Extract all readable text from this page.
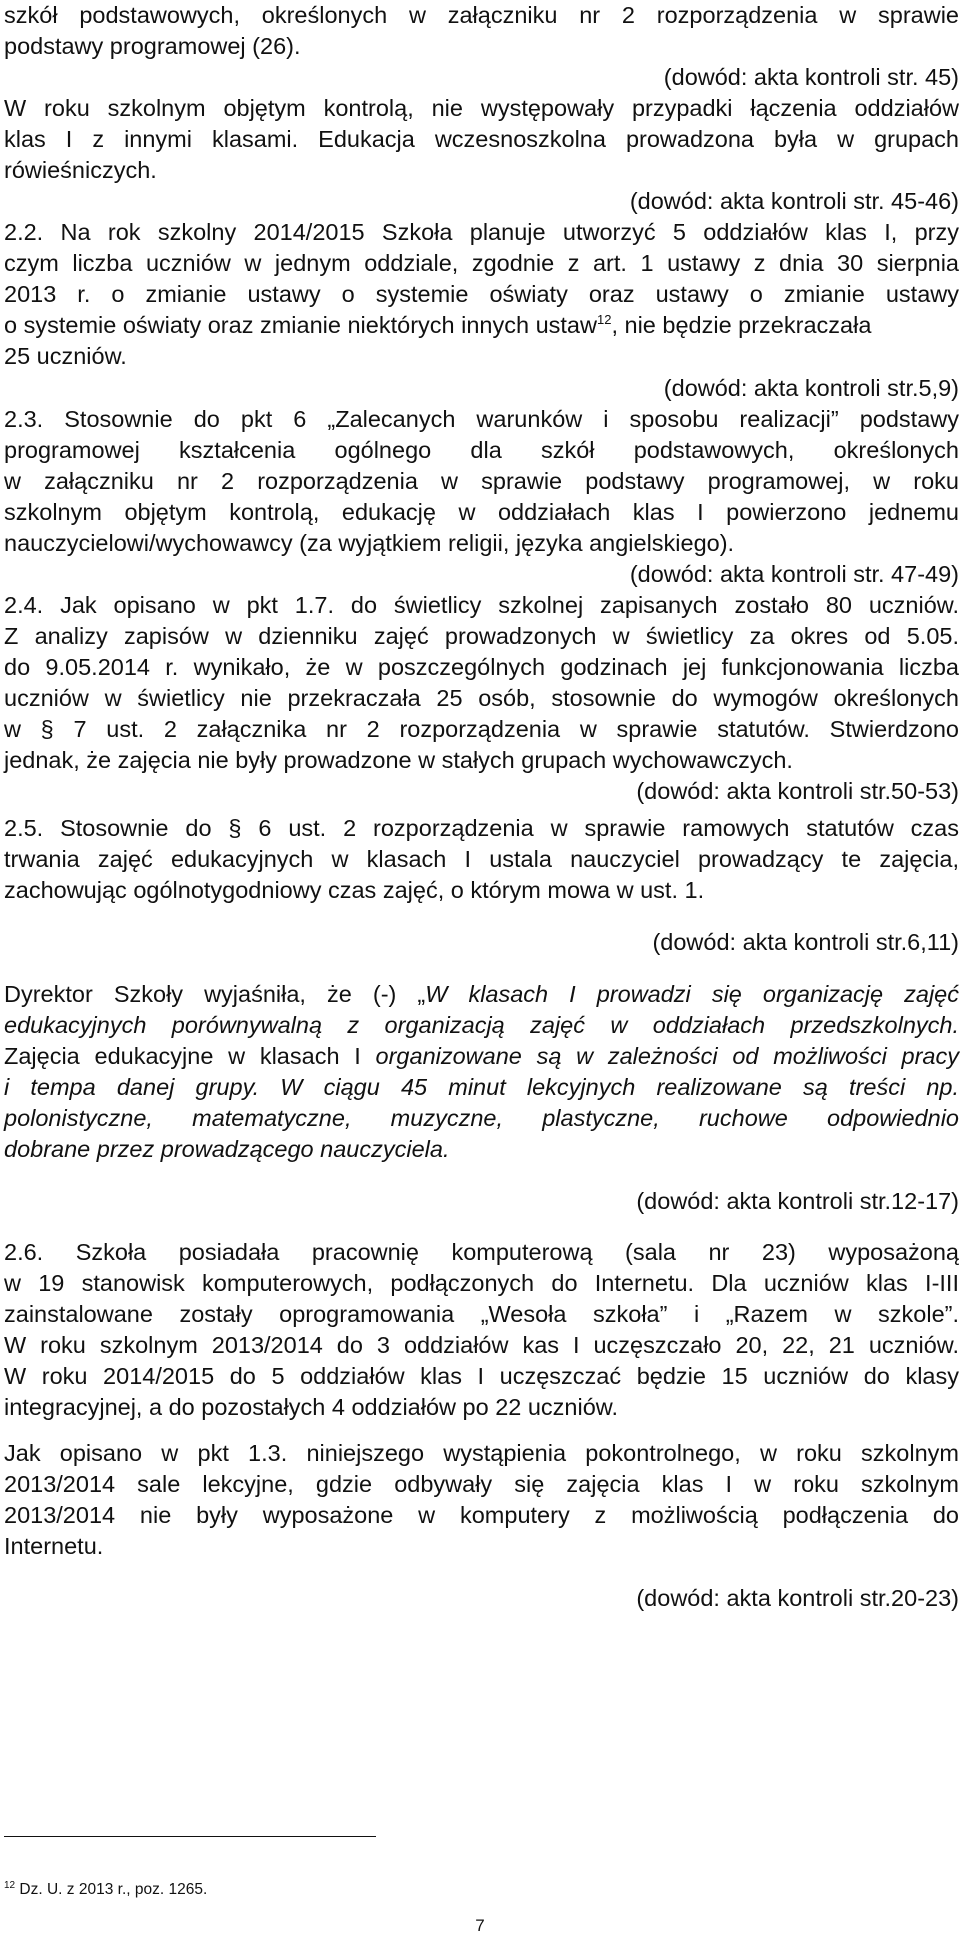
szkół podstawowych, określonych w załączniku nr 2 rozporządzenia w sprawie
podstawy programowej (26).
(dowód: akta kontroli str. 45)
W roku szkolnym objętym kontrolą, nie występowały przypadki łączenia oddziałów
klas I z innymi klasami. Edukacja wczesnoszkolna prowadzona była w grupach
rówieśniczych.
(dowód: akta kontroli str. 45-46)
2.2. Na rok szkolny 2014/2015 Szkoła planuje utworzyć 5 oddziałów klas I, przy
czym liczba uczniów w jednym oddziale, zgodnie z art. 1 ustawy z dnia 30 sierpnia
2013 r. o zmianie ustawy o systemie oświaty oraz ustawy o zmianie ustawy
o systemie oświaty oraz zmianie niektórych innych ustaw$^{12}$, nie będzie przekraczała
25 uczniów.
(dowód: akta kontroli str.5,9)
2.3. Stosownie do pkt 6 „Zalecanych warunków i sposobu realizacji” podstawy
programowej kształcenia ogólnego dla szkół podstawowych, określonych
w załączniku nr 2 rozporządzenia w sprawie podstawy programowej, w roku
szkolnym objętym kontrolą, edukację w oddziałach klas I powierzono jednemu
nauczycielowi/wychowawcy (za wyjątkiem religii, języka angielskiego).
(dowód: akta kontroli str. 47-49)
2.4. Jak opisano w pkt 1.7. do świetlicy szkolnej zapisanych zostało 80 uczniów.
Z analizy zapisów w dzienniku zajęć prowadzonych w świetlicy za okres od 5.05.
do 9.05.2014 r. wynikało, że w poszczególnych godzinach jej funkcjonowania liczba
uczniów w świetlicy nie przekraczała 25 osób, stosownie do wymogów określonych
w § 7 ust. 2 załącznika nr 2 rozporządzenia w sprawie statutów. Stwierdzono
jednak, że zajęcia nie były prowadzone w stałych grupach wychowawczych.
(dowód: akta kontroli str.50-53)
2.5. Stosownie do § 6 ust. 2 rozporządzenia w sprawie ramowych statutów czas
trwania zajęć edukacyjnych w klasach I ustala nauczyciel prowadzący te zajęcia,
zachowując ogólnotygodniowy czas zajęć, o którym mowa w ust. 1.
(dowód: akta kontroli str.6,11)
Dyrektor Szkoły wyjaśniła, że (-) „W klasach I prowadzi się organizację zajęć
edukacyjnych porównywalną z organizacją zajęć w oddziałach przedszkolnych.
Zajęcia edukacyjne w klasach I organizowane są w zależności od możliwości pracy
i tempa danej grupy. W ciągu 45 minut lekcyjnych realizowane są treści np.
polonistyczne, matematyczne, muzyczne, plastyczne, ruchowe odpowiednio
dobrane przez prowadzącego nauczyciela.
(dowód: akta kontroli str.12-17)
2.6. Szkoła posiadała pracownię komputerową (sala nr 23) wyposażoną
w 19 stanowisk komputerowych, podłączonych do Internetu. Dla uczniów klas I-III
zainstalowane zostały oprogramowania „Wesoła szkoła” i „Razem w szkole”.
W roku szkolnym 2013/2014 do 3 oddziałów kas I uczęszczało 20, 22, 21 uczniów.
W roku 2014/2015 do 5 oddziałów klas I uczęszczać będzie 15 uczniów do klasy
integracyjnej, a do pozostałych 4 oddziałów po 22 uczniów.
Jak opisano w pkt 1.3. niniejszego wystąpienia pokontrolnego, w roku szkolnym
2013/2014 sale lekcyjne, gdzie odbywały się zajęcia klas I w roku szkolnym
2013/2014 nie były wyposażone w komputery z możliwością podłączenia do
Internetu.
(dowód: akta kontroli str.20-23)
$^{12}$ Dz. U. z 2013 r., poz. 1265.
7
